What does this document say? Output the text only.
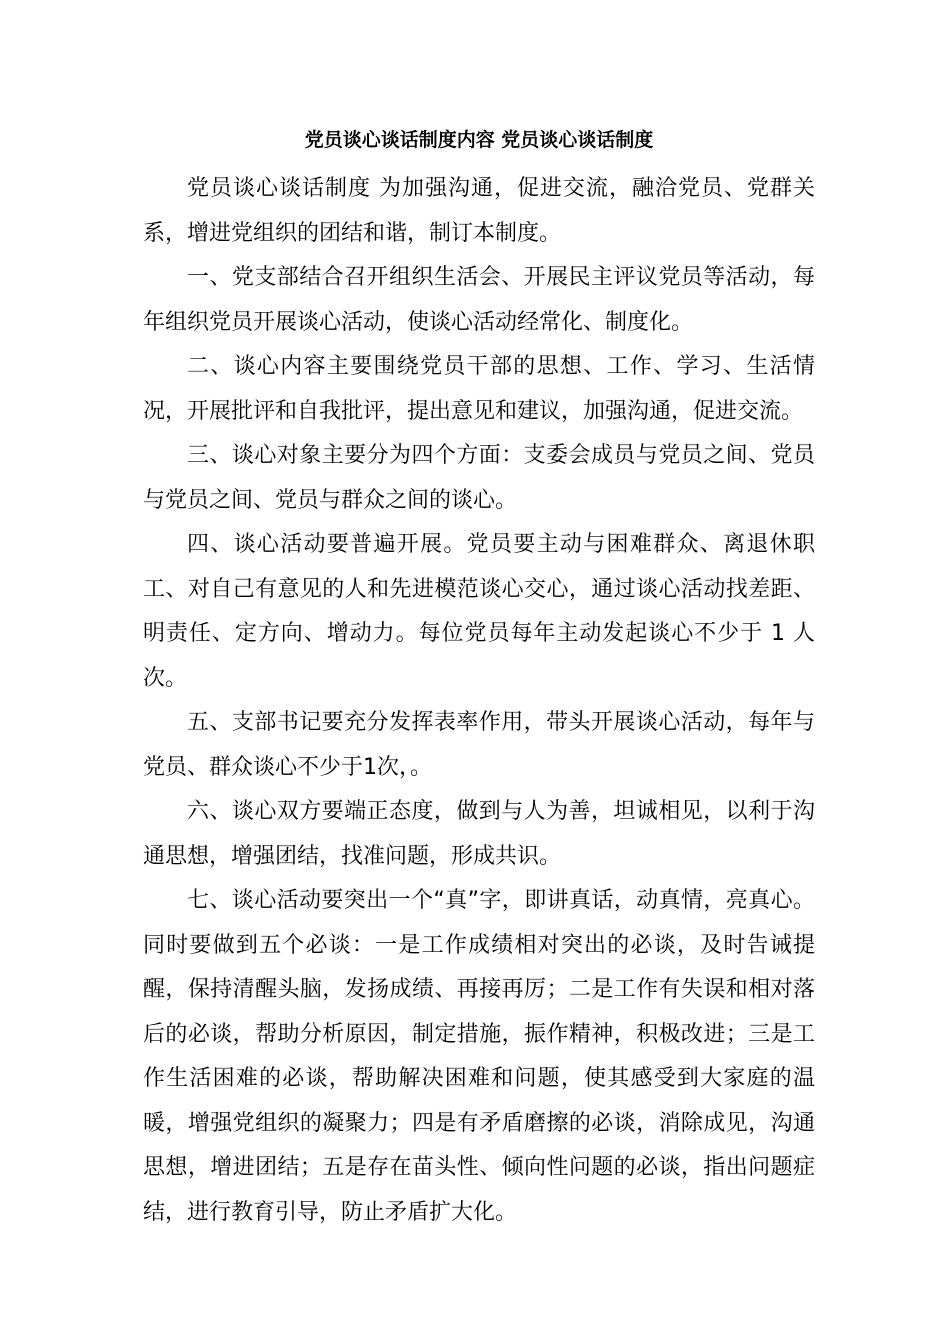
党员谈心谈话制度内容 党员谈心谈话制度

党员谈心谈话制度 为加强沟通，促进交流，融洽党员、党群关系，增进党组织的团结和谐，制订本制度。

一、党支部结合召开组织生活会、开展民主评议党员等活动，每年组织党员开展谈心活动，使谈心活动经常化、制度化。

二、谈心内容主要围绕党员干部的思想、工作、学习、生活情况，开展批评和自我批评，提出意见和建议，加强沟通，促进交流。

三、谈心对象主要分为四个方面：支委会成员与党员之间、党员与党员之间、党员与群众之间的谈心。

四、谈心活动要普遍开展。党员要主动与困难群众、离退休职工、对自己有意见的人和先进模范谈心交心，通过谈心活动找差距、明责任、定方向、增动力。每位党员每年主动发起谈心不少于 1 人次。

五、支部书记要充分发挥表率作用，带头开展谈心活动，每年与党员、群众谈心不少于1次，。

六、谈心双方要端正态度，做到与人为善，坦诚相见，以利于沟通思想，增强团结，找准问题，形成共识。

七、谈心活动要突出一个“真”字，即讲真话，动真情，亮真心。同时要做到五个必谈：一是工作成绩相对突出的必谈，及时告诫提醒，保持清醒头脑，发扬成绩、再接再厉；二是工作有失误和相对落后的必谈，帮助分析原因，制定措施，振作精神，积极改进；三是工作生活困难的必谈，帮助解决困难和问题，使其感受到大家庭的温暖，增强党组织的凝聚力；四是有矛盾磨擦的必谈，消除成见，沟通思想，增进团结；五是存在苗头性、倾向性问题的必谈，指出问题症结，进行教育引导，防止矛盾扩大化。
